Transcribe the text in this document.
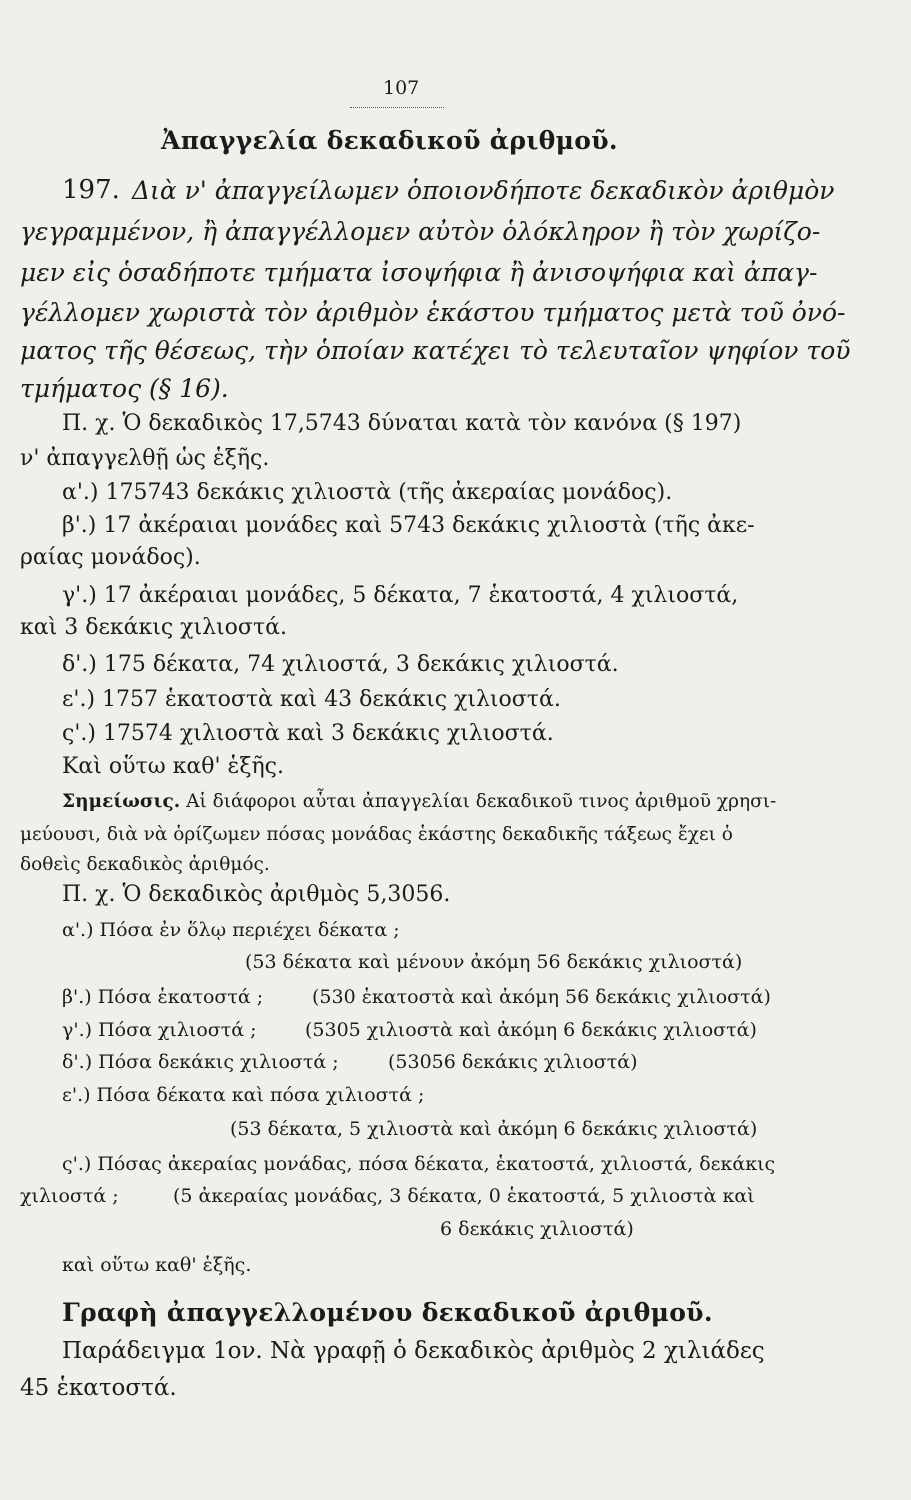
107
Ἀπαγγελία δεκαδικοῦ ἀριθμοῦ.
197. Διὰ ν' ἀπαγγείλωμεν ὁποιονδήποτε δεκαδικὸν ἀριθμὸν
γεγραμμένον, ἢ ἀπαγγέλλομεν αὐτὸν ὁλόκληρον ἢ τὸν χωρίζο-
μεν εἰς ὁσαδήποτε τμήματα ἰσοψήφια ἢ ἀνισοψήφια καὶ ἀπαγ-
γέλλομεν χωριστὰ τὸν ἀριθμὸν ἑκάστου τμήματος μετὰ τοῦ ὀνό-
ματος τῆς θέσεως, τὴν ὁποίαν κατέχει τὸ τελευταῖον ψηφίον τοῦ
τμήματος (§ 16).
Π. χ. Ὁ δεκαδικὸς 17,5743 δύναται κατὰ τὸν κανόνα (§ 197)
ν' ἀπαγγελθῇ ὡς ἑξῆς.
α'.) 175743 δεκάκις χιλιοστὰ (τῆς ἀκεραίας μονάδος).
β'.) 17 ἀκέραιαι μονάδες καὶ 5743 δεκάκις χιλιοστὰ (τῆς ἀκε-
ραίας μονάδος).
γ'.) 17 ἀκέραιαι μονάδες, 5 δέκατα, 7 ἑκατοστά, 4 χιλιοστά,
καὶ 3 δεκάκις χιλιοστά.
δ'.) 175 δέκατα, 74 χιλιοστά, 3 δεκάκις χιλιοστά.
ε'.) 1757 ἑκατοστὰ καὶ 43 δεκάκις χιλιοστά.
ς'.) 17574 χιλιοστὰ καὶ 3 δεκάκις χιλιοστά.
Καὶ οὕτω καθ' ἑξῆς.
Σημείωσις. Αἱ διάφοροι αὗται ἀπαγγελίαι δεκαδικοῦ τινος ἀριθμοῦ χρησι-
μεύουσι, διὰ νὰ ὁρίζωμεν πόσας μονάδας ἑκάστης δεκαδικῆς τάξεως ἔχει ὁ
δοθεὶς δεκαδικὸς ἀριθμός.
Π. χ. Ὁ δεκαδικὸς ἀριθμὸς 5,3056.
α'.) Πόσα ἐν ὅλῳ περιέχει δέκατα ;
(53 δέκατα καὶ μένουν ἀκόμη 56 δεκάκις χιλιοστά)
β'.) Πόσα ἑκατοστά ;	(530 ἑκατοστὰ καὶ ἀκόμη 56 δεκάκις χιλιοστά)
γ'.) Πόσα χιλιοστά ;	(5305 χιλιοστὰ καὶ ἀκόμη 6 δεκάκις χιλιοστά)
δ'.) Πόσα δεκάκις χιλιοστά ;	(53056 δεκάκις χιλιοστά)
ε'.) Πόσα δέκατα καὶ πόσα χιλιοστά ;
(53 δέκατα, 5 χιλιοστὰ καὶ ἀκόμη 6 δεκάκις χιλιοστά)
ς'.) Πόσας ἀκεραίας μονάδας, πόσα δέκατα, ἑκατοστά, χιλιοστά, δεκάκις
χιλιοστά ;	(5 ἀκεραίας μονάδας, 3 δέκατα, 0 ἑκατοστά, 5 χιλιοστὰ καὶ
6 δεκάκις χιλιοστά)
καὶ οὕτω καθ' ἑξῆς.
Γραφὴ ἀπαγγελλομένου δεκαδικοῦ ἀριθμοῦ.
Παράδειγμα 1ον. Νὰ γραφῇ ὁ δεκαδικὸς ἀριθμὸς 2 χιλιάδες
45 ἑκατοστά.
